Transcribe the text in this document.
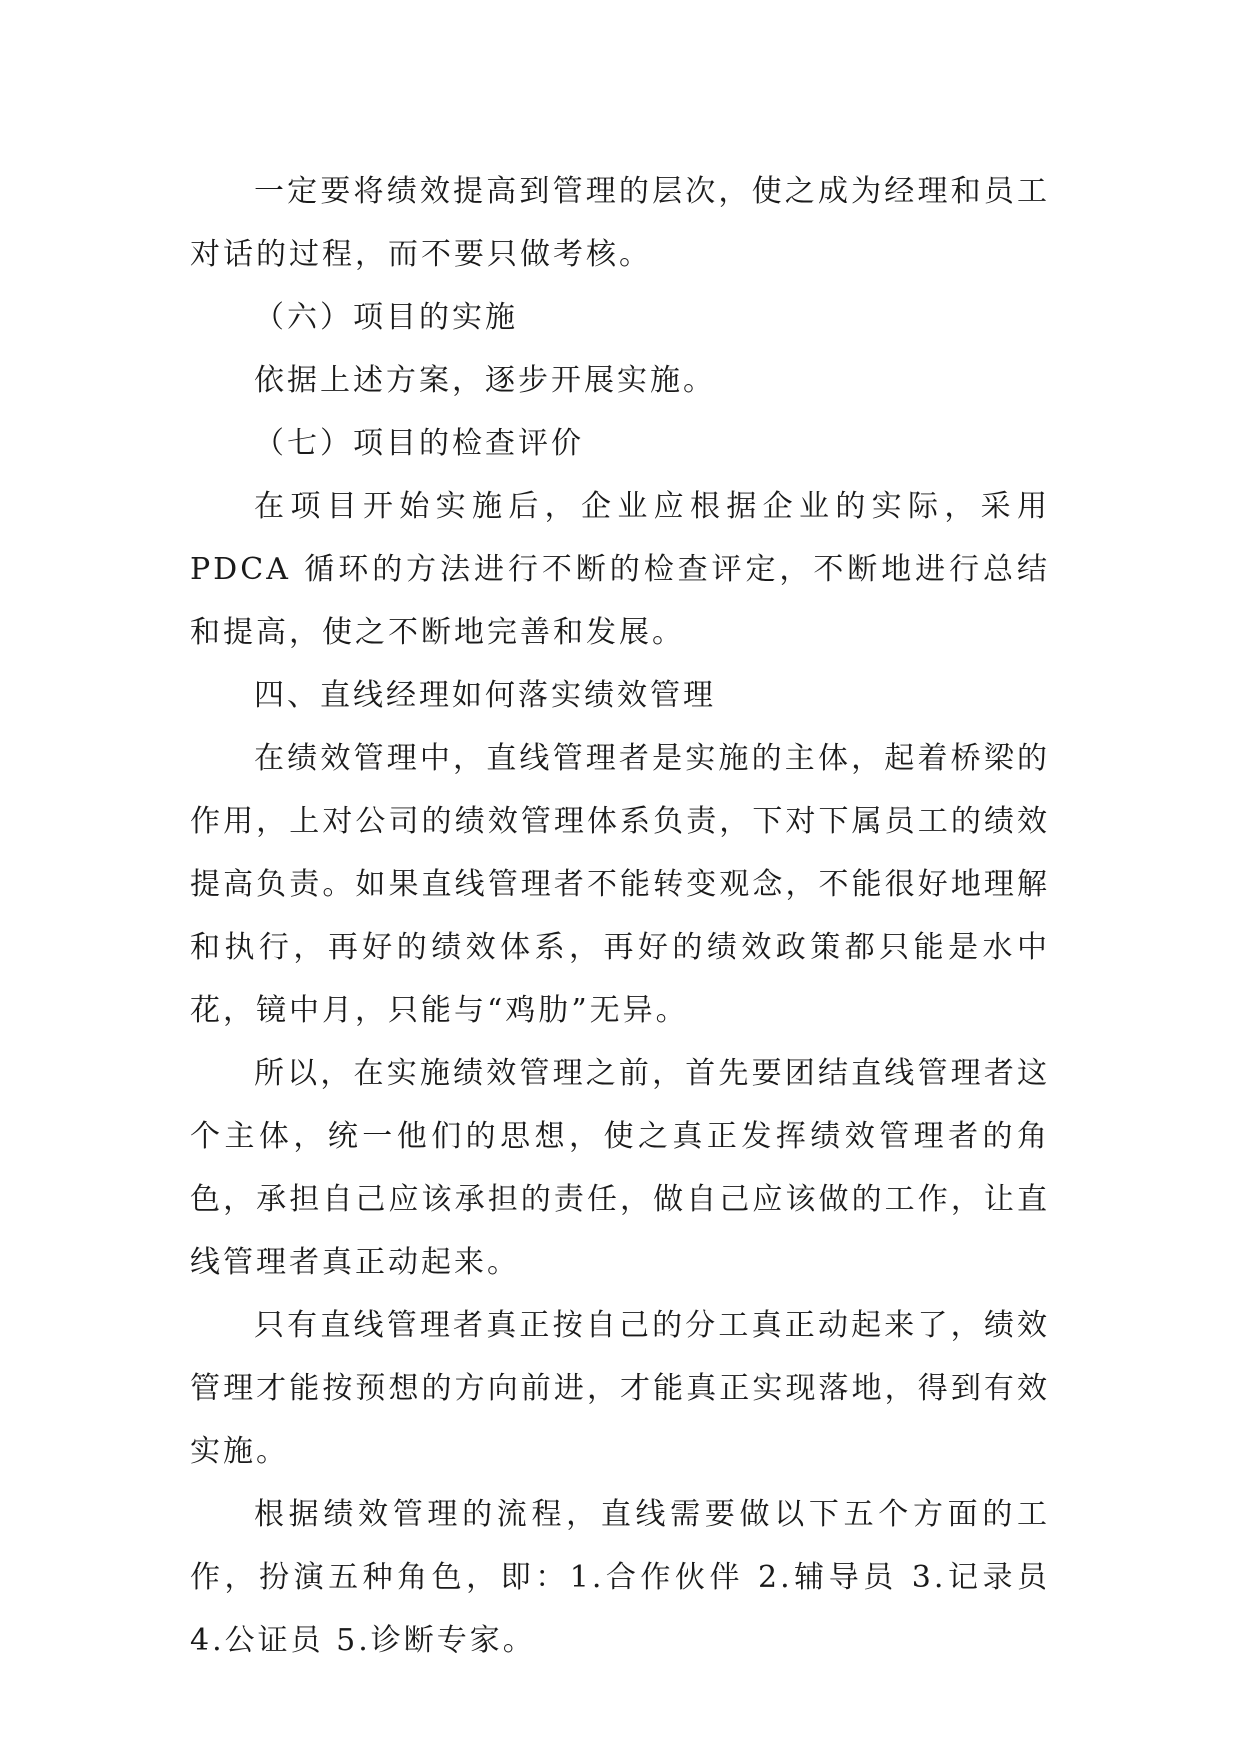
一定要将绩效提高到管理的层次，使之成为经理和员工对话的过程，而不要只做考核。

（六）项目的实施

依据上述方案，逐步开展实施。

（七）项目的检查评价

在项目开始实施后，企业应根据企业的实际，采用 PDCA 循环的方法进行不断的检查评定，不断地进行总结和提高，使之不断地完善和发展。

四、直线经理如何落实绩效管理

在绩效管理中，直线管理者是实施的主体，起着桥梁的作用，上对公司的绩效管理体系负责，下对下属员工的绩效提高负责。如果直线管理者不能转变观念，不能很好地理解和执行，再好的绩效体系，再好的绩效政策都只能是水中花，镜中月，只能与“鸡肋”无异。

所以，在实施绩效管理之前，首先要团结直线管理者这个主体，统一他们的思想，使之真正发挥绩效管理者的角色，承担自己应该承担的责任，做自己应该做的工作，让直线管理者真正动起来。

只有直线管理者真正按自己的分工真正动起来了，绩效管理才能按预想的方向前进，才能真正实现落地，得到有效实施。

根据绩效管理的流程，直线需要做以下五个方面的工作，扮演五种角色，即：1.合作伙伴 2.辅导员 3.记录员 4.公证员 5.诊断专家。
